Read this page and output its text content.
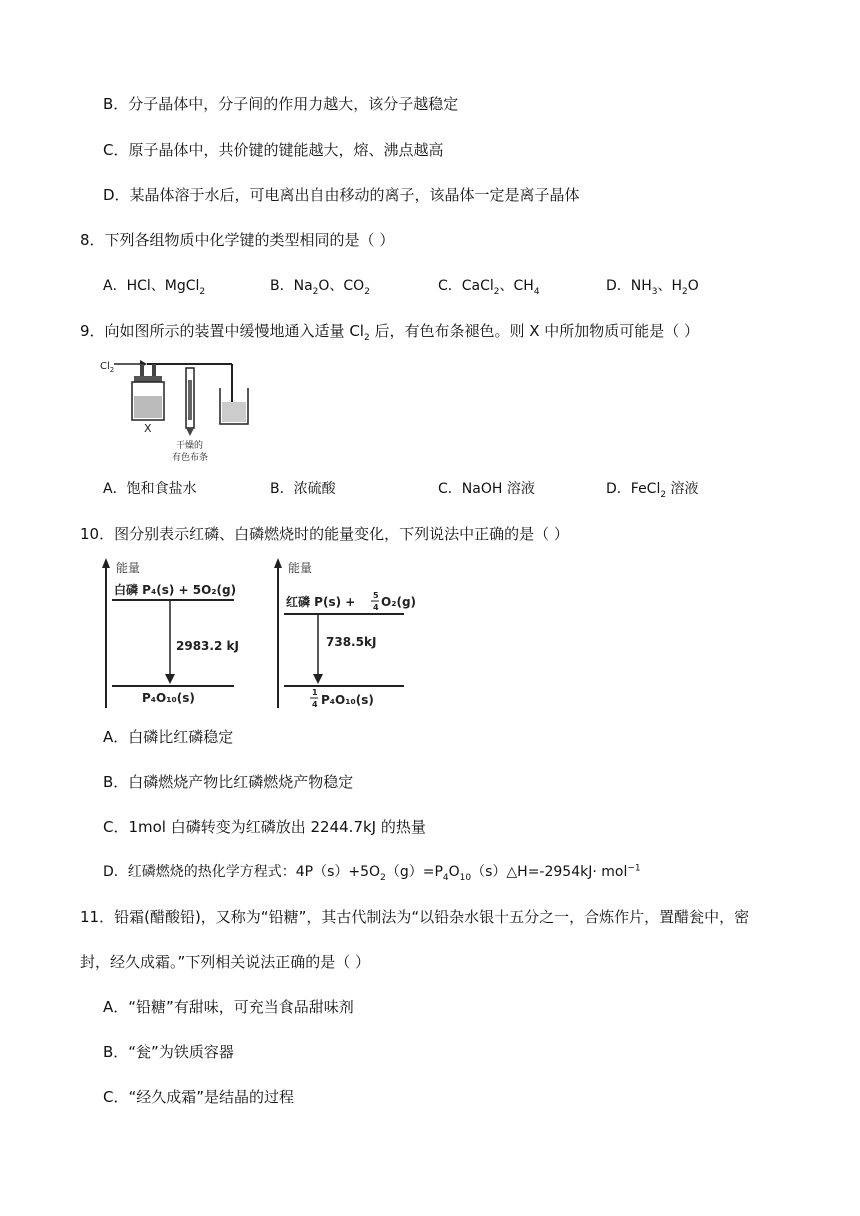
B．分子晶体中，分子间的作用力越大，该分子越稳定
C．原子晶体中，共价键的键能越大，熔、沸点越高
D．某晶体溶于水后，可电离出自由移动的离子，该晶体一定是离子晶体
8．下列各组物质中化学键的类型相同的是（ ）
A．HCl、MgCl$_2$	B．$Na_2O$、$CO_2$	C．CaCl$_2$、$CH_4$	D．$NH_3$、$H_2O$
9．向如图所示的装置中缓慢地通入适量 $Cl_2$ 后，有色布条褪色。则 X 中所加物质可能是（ ）
$Cl_2$
X
干燥的
有色布条
A．饱和食盐水	B．浓硫酸	C．NaOH 溶液	D．FeCl$_2$ 溶液
10．图分别表示红磷、白磷燃烧时的能量变化，下列说法中正确的是（ ）
能量
白磷 P₄(s) + 5O₂(g)
2983.2 kJ
P₄O₁₀(s)
能量
红磷 P(s) + 5
4 O₂(g)
738.5kJ
1
4 P₄O₁₀(s)
A．白磷比红磷稳定
B．白磷燃烧产物比红磷燃烧产物稳定
C．1mol 白磷转变为红磷放出 2244.7kJ 的热量
D．红磷燃烧的热化学方程式：$4P(s)+5O_2(g)=P_4O_{10}(s)\triangle H=-2954kJ\cdot mol^{-1}$
11．铅霜(醋酸铅)，又称为“铅糖”，其古代制法为“以铅杂水银十五分之一，合炼作片，置醋瓮中，密
封，经久成霜。”下列相关说法正确的是（ ）
A．“铅糖”有甜味，可充当食品甜味剂
B．“瓮”为铁质容器
C．“经久成霜”是结晶的过程
